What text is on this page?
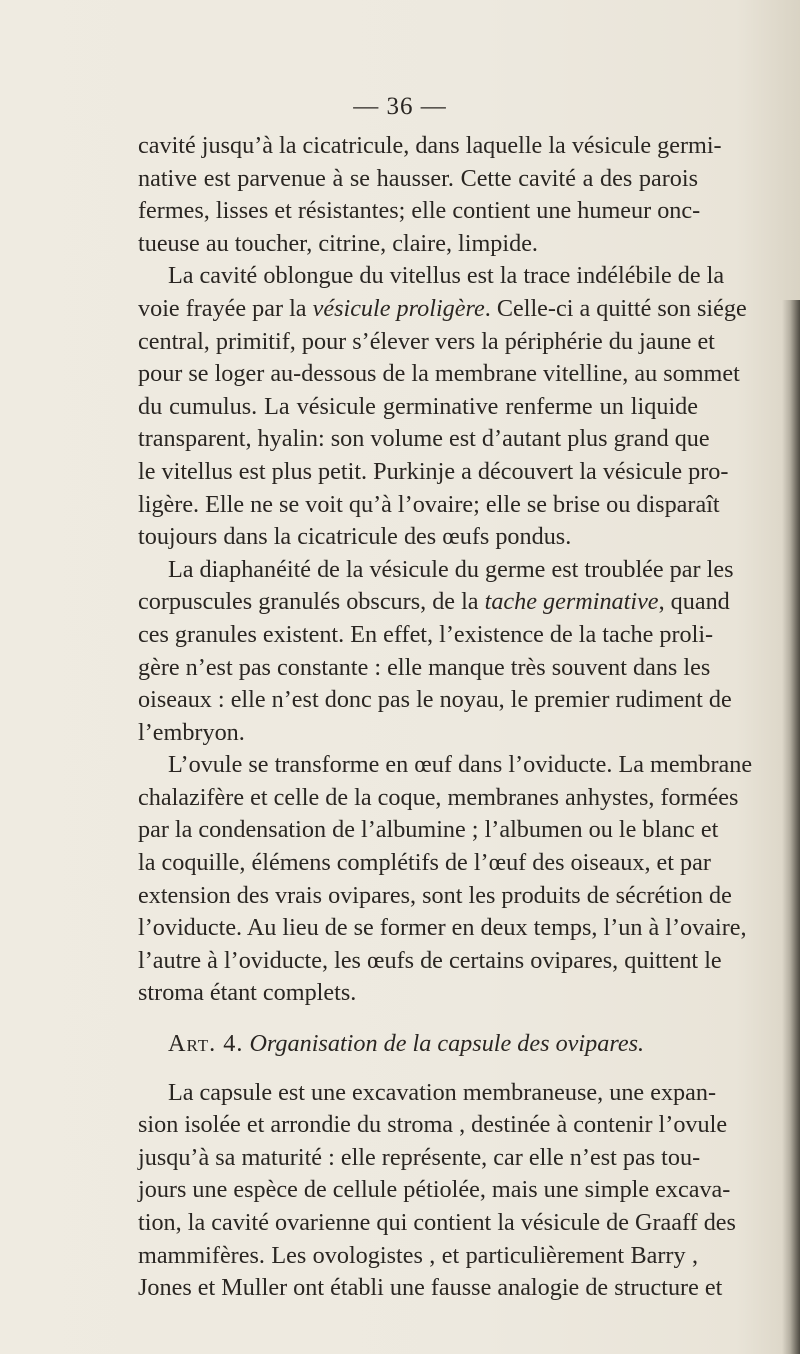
— 36 —
cavité jusqu’à la cicatricule, dans laquelle la vésicule germi-
native est parvenue à se hausser. Cette cavité a des parois
fermes, lisses et résistantes; elle contient une humeur onc-
tueuse au toucher, citrine, claire, limpide.
La cavité oblongue du vitellus est la trace indélébile de la
voie frayée par la vésicule proligère. Celle-ci a quitté son siége
central, primitif, pour s’élever vers la périphérie du jaune et
pour se loger au-dessous de la membrane vitelline, au sommet
du cumulus. La vésicule germinative renferme un liquide
transparent, hyalin: son volume est d’autant plus grand que
le vitellus est plus petit. Purkinje a découvert la vésicule pro-
ligère. Elle ne se voit qu’à l’ovaire; elle se brise ou disparaît
toujours dans la cicatricule des œufs pondus.
La diaphanéité de la vésicule du germe est troublée par les
corpuscules granulés obscurs, de la tache germinative, quand
ces granules existent. En effet, l’existence de la tache proli-
gère n’est pas constante : elle manque très souvent dans les
oiseaux : elle n’est donc pas le noyau, le premier rudiment de
l’embryon.
L’ovule se transforme en œuf dans l’oviducte. La membrane
chalazifère et celle de la coque, membranes anhystes, formées
par la condensation de l’albumine ; l’albumen ou le blanc et
la coquille, élémens complétifs de l’œuf des oiseaux, et par
extension des vrais ovipares, sont les produits de sécrétion de
l’oviducte. Au lieu de se former en deux temps, l’un à l’ovaire,
l’autre à l’oviducte, les œufs de certains ovipares, quittent le
stroma étant complets.
Art. 4. Organisation de la capsule des ovipares.
La capsule est une excavation membraneuse, une expan-
sion isolée et arrondie du stroma , destinée à contenir l’ovule
jusqu’à sa maturité : elle représente, car elle n’est pas tou-
jours une espèce de cellule pétiolée, mais une simple excava-
tion, la cavité ovarienne qui contient la vésicule de Graaff des
mammifères. Les ovologistes , et particulièrement Barry ,
Jones et Muller ont établi une fausse analogie de structure et
